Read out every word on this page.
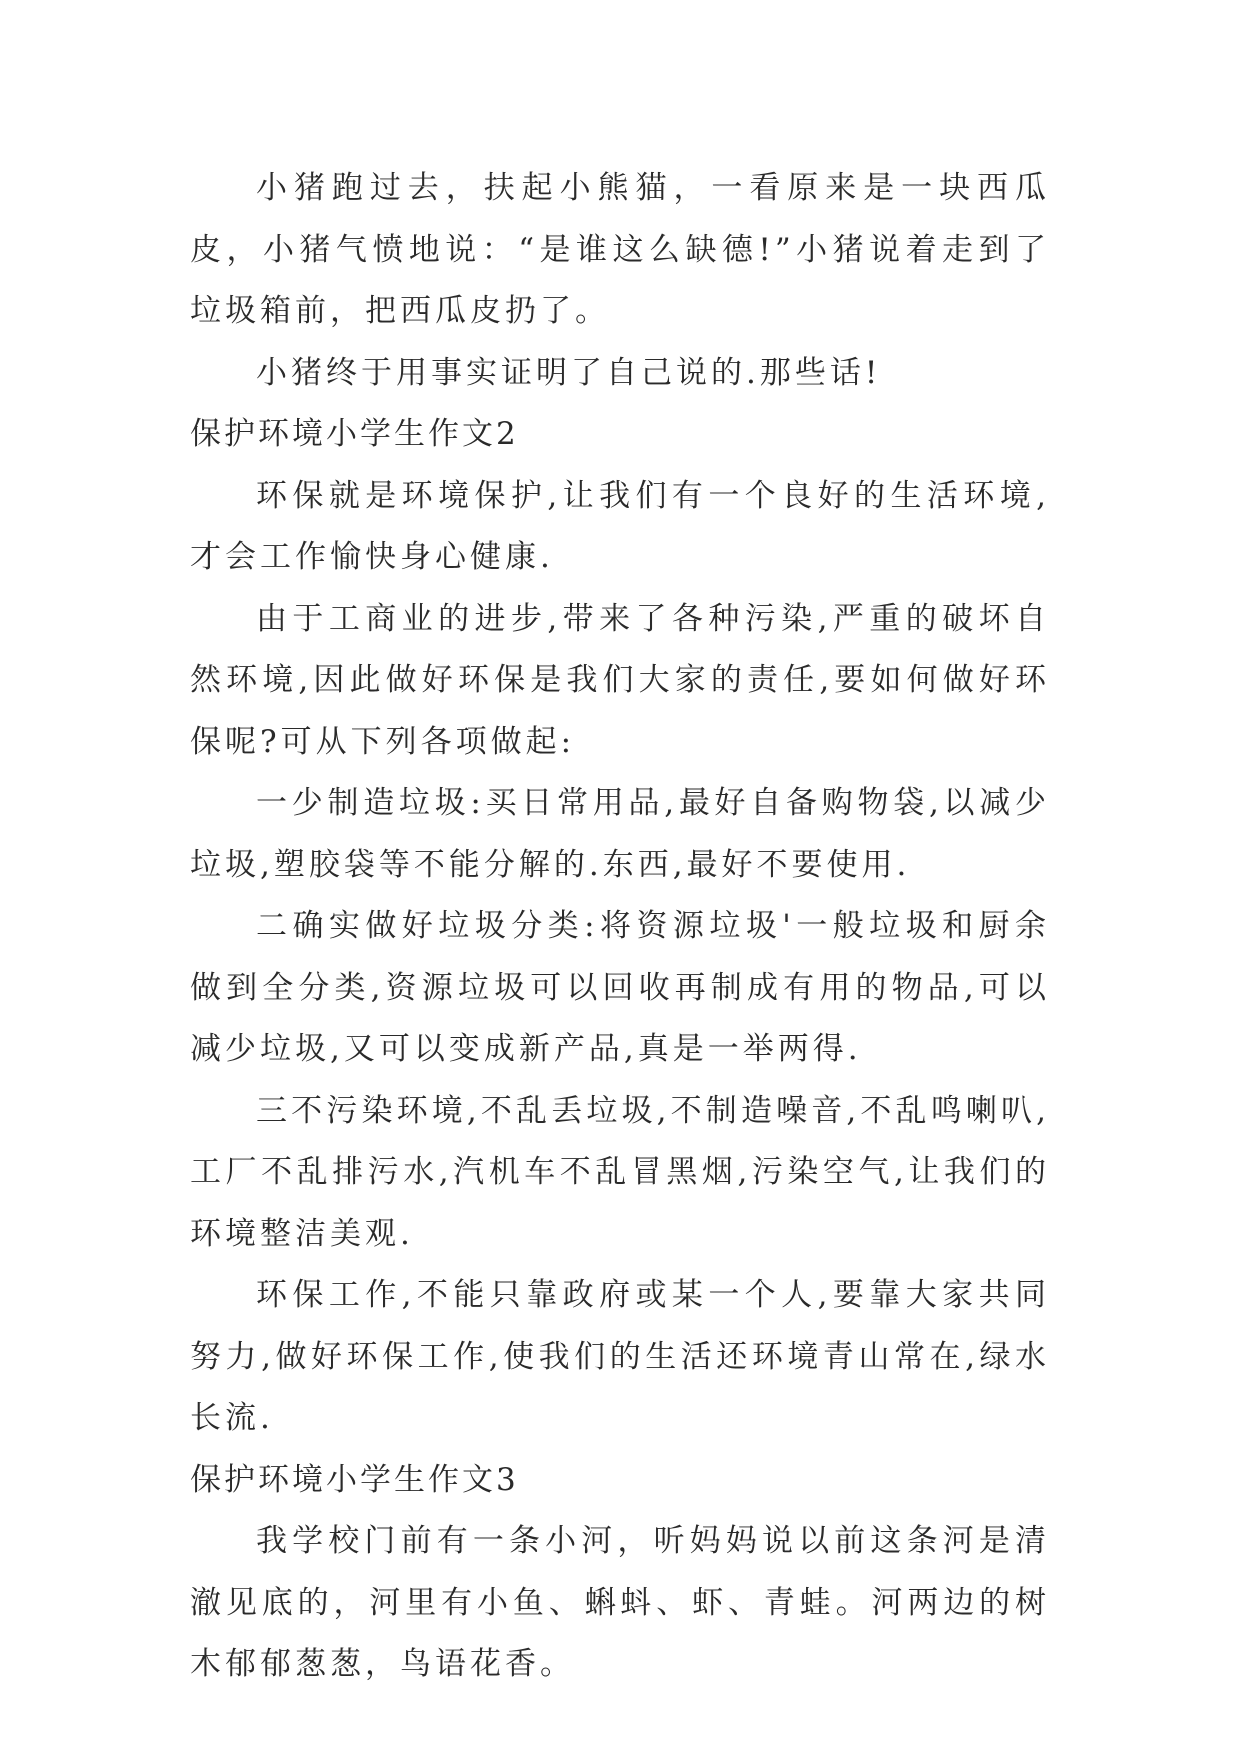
小猪跑过去，扶起小熊猫，一看原来是一块西瓜皮，小猪气愤地说：“是谁这么缺德!”小猪说着走到了垃圾箱前，把西瓜皮扔了。

小猪终于用事实证明了自己说的.那些话!

保护环境小学生作文2

环保就是环境保护,让我们有一个良好的生活环境,才会工作愉快身心健康.

由于工商业的进步,带来了各种污染,严重的破坏自然环境,因此做好环保是我们大家的责任,要如何做好环保呢?可从下列各项做起:

一少制造垃圾:买日常用品,最好自备购物袋,以减少垃圾,塑胶袋等不能分解的.东西,最好不要使用.

二确实做好垃圾分类:将资源垃圾'一般垃圾和厨余做到全分类,资源垃圾可以回收再制成有用的物品,可以减少垃圾,又可以变成新产品,真是一举两得.

三不污染环境,不乱丢垃圾,不制造噪音,不乱鸣喇叭,工厂不乱排污水,汽机车不乱冒黑烟,污染空气,让我们的环境整洁美观.

环保工作,不能只靠政府或某一个人,要靠大家共同努力,做好环保工作,使我们的生活还环境青山常在,绿水长流.

保护环境小学生作文3

我学校门前有一条小河，听妈妈说以前这条河是清澈见底的，河里有小鱼、蝌蚪、虾、青蛙。河两边的树木郁郁葱葱，鸟语花香。
